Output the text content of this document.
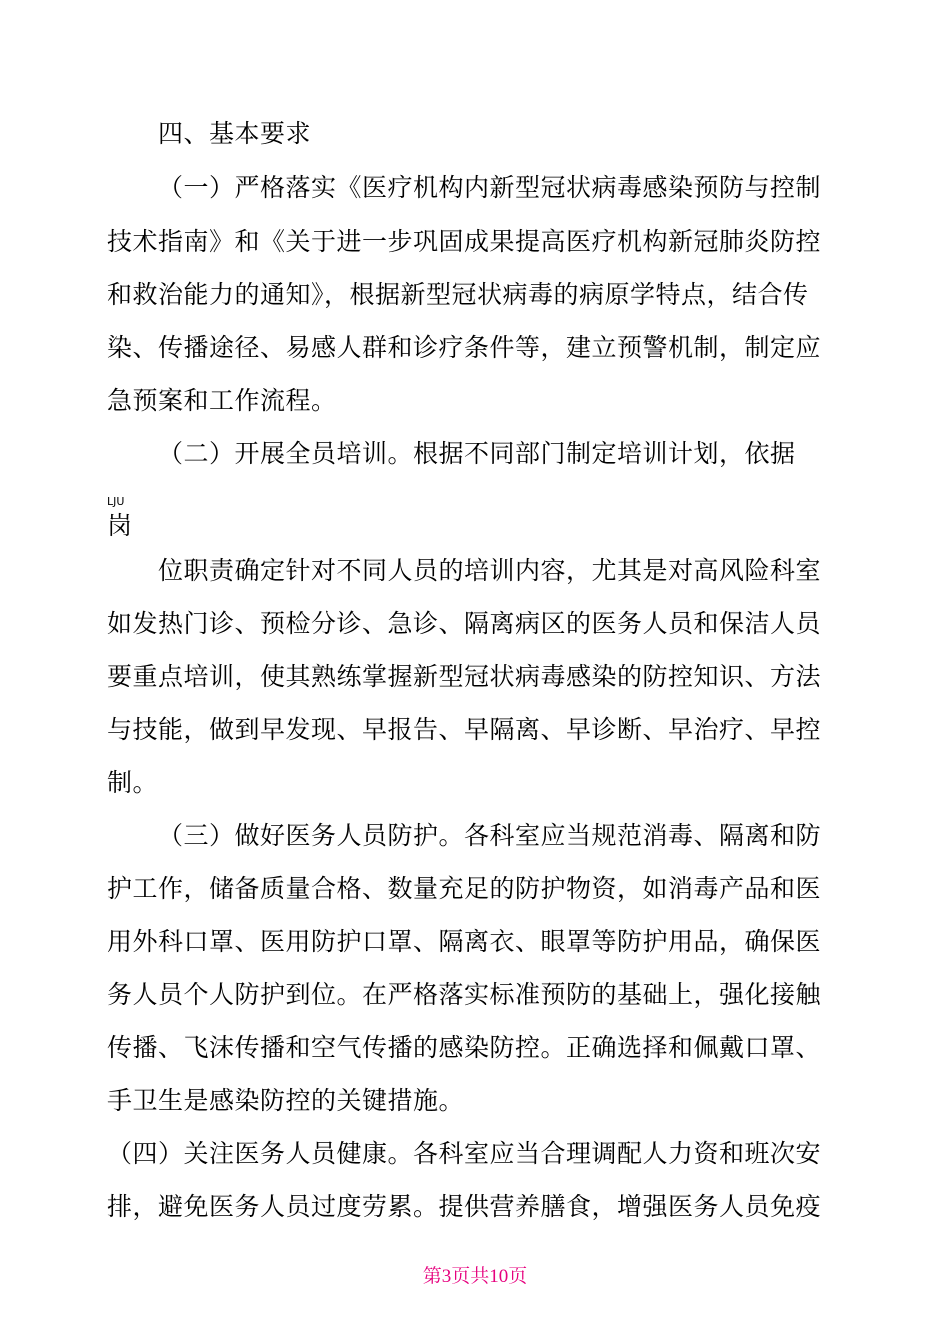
四、基本要求
（一）严格落实《医疗机构内新型冠状病毒感染预防与控制
技术指南》和《关于进一步巩固成果提高医疗机构新冠肺炎防控
和救治能力的通知》，根据新型冠状病毒的病原学特点，结合传
染、传播途径、易感人群和诊疗条件等，建立预警机制，制定应
急预案和工作流程。
（二）开展全员培训。根据不同部门制定培训计划，依据
LJU
岗
位职责确定针对不同人员的培训内容，尤其是对高风险科室
如发热门诊、预检分诊、急诊、隔离病区的医务人员和保洁人员
要重点培训，使其熟练掌握新型冠状病毒感染的防控知识、方法
与技能，做到早发现、早报告、早隔离、早诊断、早治疗、早控
制。
（三）做好医务人员防护。各科室应当规范消毒、隔离和防
护工作，储备质量合格、数量充足的防护物资，如消毒产品和医
用外科口罩、医用防护口罩、隔离衣、眼罩等防护用品，确保医
务人员个人防护到位。在严格落实标准预防的基础上，强化接触
传播、飞沫传播和空气传播的感染防控。正确选择和佩戴口罩、
手卫生是感染防控的关键措施。
（四）关注医务人员健康。各科室应当合理调配人力资和班次安
排，避免医务人员过度劳累。提供营养膳食，增强医务人员免疫
第3页共10页
